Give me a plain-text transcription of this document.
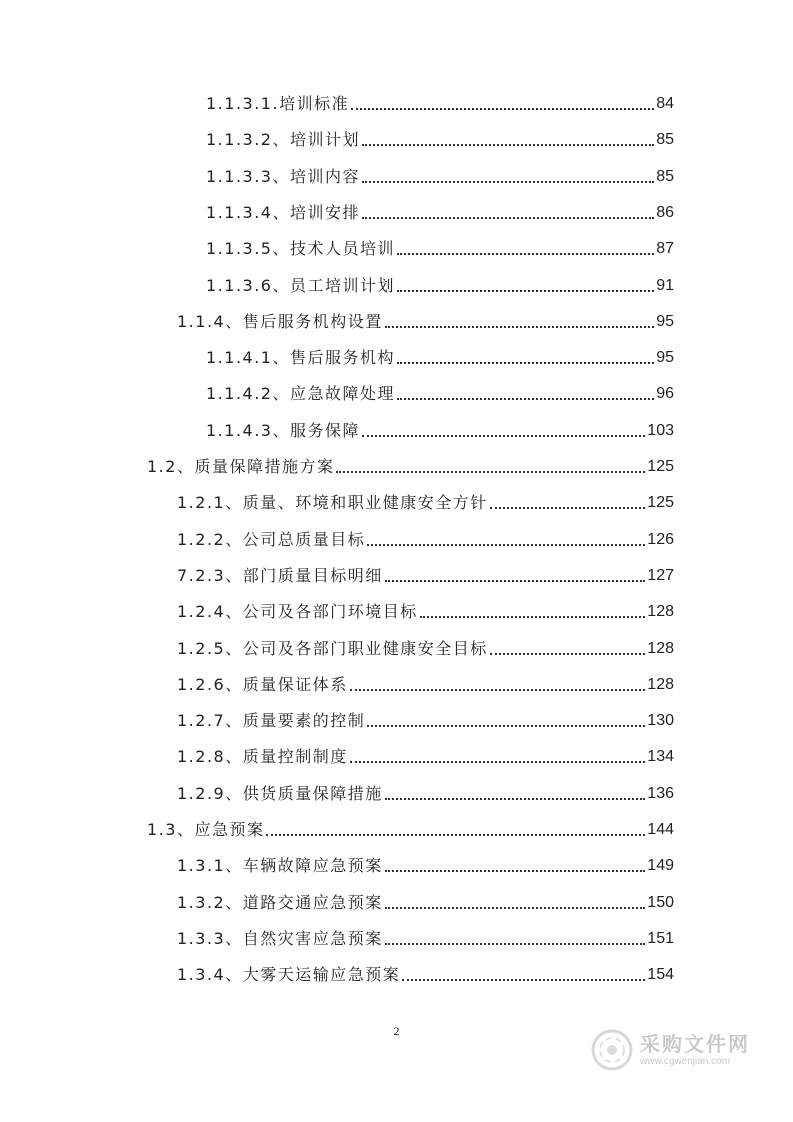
1.1.3.1. 培训标准	84
1.1.3.2、 培训计划	85
1.1.3.3、 培训内容	85
1.1.3.4、 培训安排	86
1.1.3.5、 技术人员培训	87
1.1.3.6、 员工培训计划	91
1.1.4、 售后服务机构设置	95
1.1.4.1、 售后服务机构	95
1.1.4.2、 应急故障处理	96
1.1.4.3、 服务保障	103
1.2、 质量保障措施方案	125
1.2.1、 质量、环境和职业健康安全方针	125
1.2.2、 公司总质量目标	126
7.2.3、 部门质量目标明细	127
1.2.4、 公司及各部门环境目标	128
1.2.5、 公司及各部门职业健康安全目标	128
1.2.6、 质量保证体系	128
1.2.7、 质量要素的控制	130
1.2.8、 质量控制制度	134
1.2.9、 供货质量保障措施	136
1.3、 应急预案	144
1.3.1、 车辆故障应急预案	149
1.3.2、 道路交通应急预案	150
1.3.3、 自然灾害应急预案	151
1.3.4、 大雾天运输应急预案	154
2
采购文件网
www.cgwenjian.com
